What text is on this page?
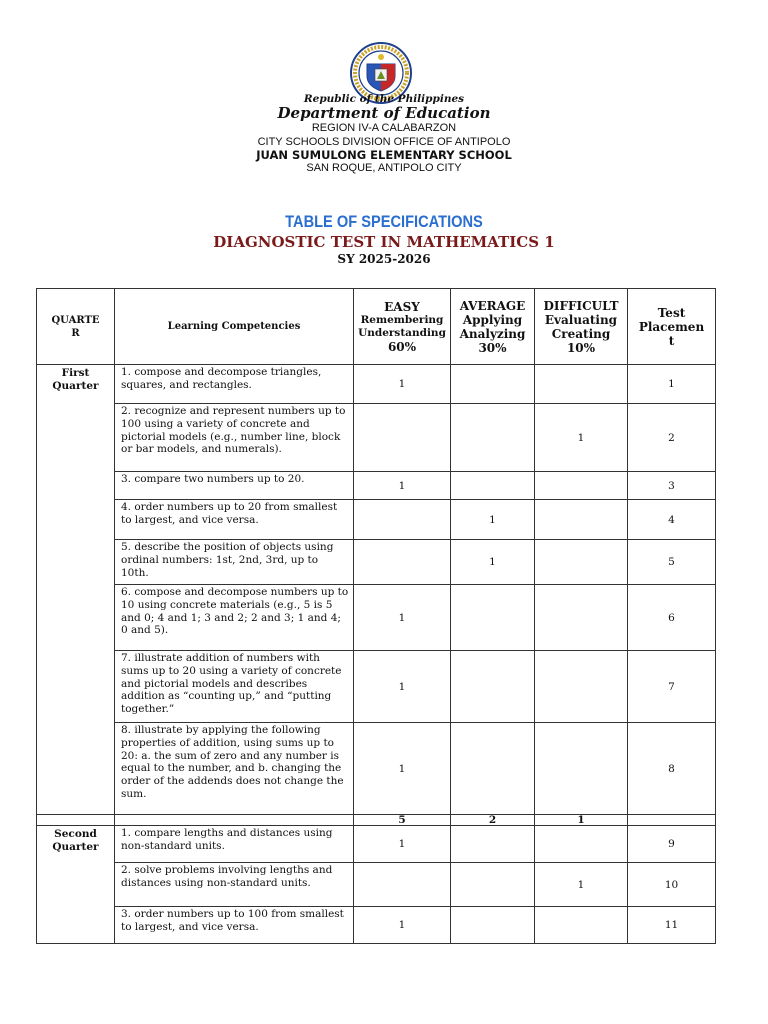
Republic of the Philippines
Department of Education
REGION IV-A CALABARZON
CITY SCHOOLS DIVISION OFFICE OF ANTIPOLO
JUAN SUMULONG ELEMENTARY SCHOOL
SAN ROQUE, ANTIPOLO CITY
TABLE OF SPECIFICATIONS
DIAGNOSTIC TEST IN MATHEMATICS 1
SY 2025-2026
QUARTE
R	Learning Competencies	EASY
Remembering
Understanding
60%	AVERAGE
Applying
Analyzing
30%	DIFFICULT
Evaluating
Creating
10%	Test
Placemen
t
First
Quarter	1. compose and decompose triangles, squares, and rectangles.	1			1
	2. recognize and represent numbers up to 100 using a variety of concrete and pictorial models (e.g., number line, block or bar models, and numerals).			1	2
	3. compare two numbers up to 20.	1			3
	4. order numbers up to 20 from smallest to largest, and vice versa.		1		4
	5. describe the position of objects using ordinal numbers: 1st, 2nd, 3rd, up to 10th.		1		5
	6. compose and decompose numbers up to 10 using concrete materials (e.g., 5 is 5 and 0; 4 and 1; 3 and 2; 2 and 3; 1 and 4; 0 and 5).	1			6
	7. illustrate addition of numbers with sums up to 20 using a variety of concrete and pictorial models and describes addition as “counting up,” and “putting together.”	1			7
	8. illustrate by applying the following properties of addition, using sums up to 20: a. the sum of zero and any number is equal to the number, and b. changing the order of the addends does not change the sum.	1			8
		5	2	1	
Second
Quarter	1. compare lengths and distances using non-standard units.	1			9
	2. solve problems involving lengths and distances using non-standard units.			1	10
	3. order numbers up to 100 from smallest to largest, and vice versa.	1			11
